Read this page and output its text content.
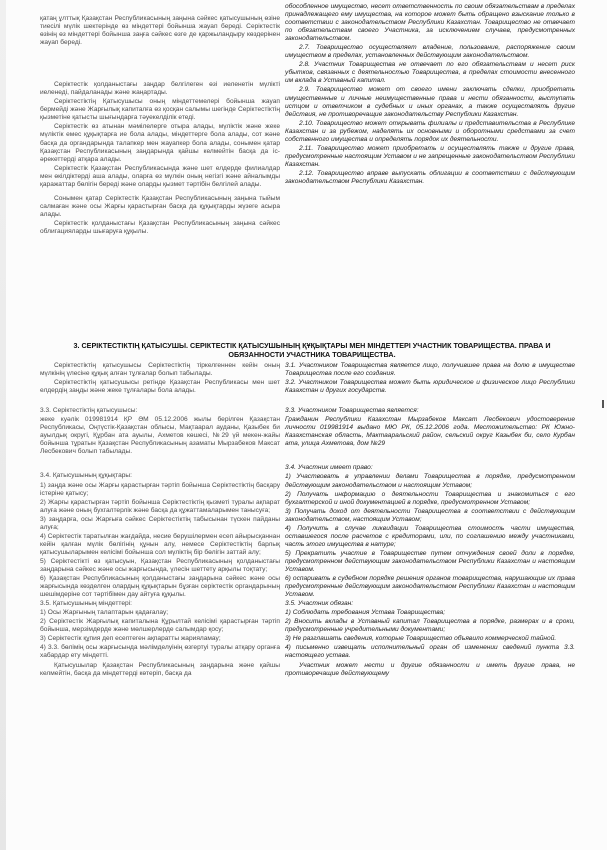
қатаң ұлттық Қазақстан Республикасының заңына сәйкес қатысушының өзіне тиесілі мүлік шектерінде өз міндеттері бойынша жауап береді. Серіктестік өзінің өз міндеттері бойынша заңға сәйкес өзге де қаржыландыру көздерінен жауап береді.

Серіктестік қолданыстағы заңдар белгілеген өзі иеленетін мүлікті иеленеді, пайдаланады және жаңартады.

Серіктестіктің Қатысушысы оның міндеттемелері бойынша жауап бермейді және Жарғылық капиталға өз қосқан салымы шегінде Серіктестіктің қызметіне қатысты шығындарға тәуекелділік етеді.

Серіктестік өз атынан мәмілелерге отыра алады, мүліктік және жеке мүліктік емес құқықтарға ие бола алады, міндеттерге бола алады, сот және басқа да органдарында талапкер мен жауапкер бола алады, сонымен қатар Қазақстан Республикасының заңдарында қайшы келмейтін басқа да іс-әрекеттерді атқара алады.

Серіктестік Қазақстан Республикасында және шет елдерде филиалдар мен өкілдіктерді аша алады, оларға өз мүлкін оның негізгі және айналымды қаражаттар бөлігін береді және оларды қызмет тәртібін белгілей алады.

Сонымен қатар Серіктестік Қазақстан Республикасының заңына тыйым салмаған және осы Жарғы қарастырған басқа да құқықтарды жүзеге асыра алады.

Серіктестік қолданыстағы Қазақстан Республикасының заңына сәйкес облигацияларды шығаруға құқылы.

обособленное имущество, несет ответственность по своим обязательствам в пределах принадлежащего ему имущества, на которое может быть обращено взыскание только в соответствии с законодательством Республики Казахстан. Товарищество не отвечает по обязательствам своего Участника, за исключением случаев, предусмотренных законодательством.

2.7. Товарищество осуществляет владение, пользование, распоряжение своим имуществом в пределах, установленных действующим законодательством.

2.8. Участник Товарищества не отвечает по его обязательствам и несет риск убытков, связанных с деятельностью Товарищества, в пределах стоимости внесенного им вклада в Уставный капитал.

2.9. Товарищество может от своего имени заключать сделки, приобретать имущественные и личные неимущественные права и нести обязанности, выступать истцом и ответчиком в судебных и иных органах, а также осуществлять другие действия, не противоречащие законодательству Республики Казахстан.

2.10. Товарищество может открывать филиалы и представительства в Республике Казахстан и за рубежом, наделять их основными и оборотными средствами за счет собственного имущества и определять порядок их деятельности.

2.11. Товарищество может приобретать и осуществлять также и другие права, предусмотренные настоящим Уставом и не запрещенные законодательством Республики Казахстан.

2.12. Товарищество вправе выпускать облигации в соответствии с действующим законодательством Республики Казахстан.

3. СЕРІКТЕСТІКТІҢ ҚАТЫСУШЫ. СЕРІКТЕСТІК ҚАТЫСУШЫНЫҢ ҚҰҚЫҚТАРЫ МЕН МІНДЕТТЕРІ УЧАСТНИК ТОВАРИЩЕСТВА. ПРАВА И ОБЯЗАННОСТИ УЧАСТНИКА ТОВАРИЩЕСТВА.

Серіктестіктің қатысушысы Серіктестіктің тіркелгеннен кейін оның мүлкінің үлесіне құқық алған тұлғалар болып табылады.

Серіктестіктің қатысушысы ретінде Қазақстан Республикасы мен шет елдердің заңды және жеке тұлғалары бола алады.

3.3. Серіктестіктің қатысушысы:

жеке куәлік 019981914 ҚР ӘМ 05.12.2006 жылы берілген Қазақстан Республикасы, Оңтүстік-Қазақстан облысы, Мақтаарал ауданы, Қазыбек би ауылдық округі, Құрбан ата ауылы, Ахметов көшесі, №29 үй мекен-жайы бойынша тұратын Қазақстан Республикасының азаматы Мырзабеков Максат Лесбекович болып табылады.

3.4. Қатысушының құқықтары:

1) заңда және осы Жарғы қарастырған тәртіп бойынша Серіктестіктің басқару істеріне қатысу;

2) Жарғы қарастырған тәртіп бойынша Серіктестіктің қызметі туралы ақпарат алуға және оның бухгалтерлік және басқа да құжаттамаларымен танысуға;

3) заңдарға, осы Жарғыға сәйкес Серіктестіктің табысынан түскен пайданы алуға;

4) Серіктестік таратылған жағдайда, несие берушілермен есеп айырысқаннан кейін қалған мүлік бөлігінің құнын алу, немесе Серіктестіктің барлық қатысушыларымен келісімі бойынша сол мүліктің бір бөлігін заттай алу;

5) Серіктестікті өз қатысуын, Қазақстан Республикасының қолданыстағы заңдарына сәйкес және осы жарғысында, үлесін шеттету арқылы тоқтату;

6) Қазақстан Республикасының қолданыстағы заңдарына сәйкес және осы жарғысында көзделген олардың құқықтарын бұзған серіктестік органдарының шешімдеріне сот тәртібімен дау айтуға құқылы.

3.5. Қатысушының міндеттері:

1) Осы Жарғының талаптарын қадағалау;

2) Серіктестік Жарғылық капиталына Құрылтай келісімі қарастырған тәртіп бойынша, мерзімдерде және мөлшерлерде салымдар қосу;

3) Серіктестік құпия деп есептеген ақпаратты жарияламау;

4) 3.3. бөлімің осы жарғысында мәлімделуінің өзгертуі туралы атқару органға хабардар ету міндетті.

Қатысушылар Қазақстан Республикасының заңдарына және қайшы келмейтін, басқа да міндеттерді көтеріп, басқа да

3.1. Участником Товарищества является лицо, получившее права на долю в имуществе Товарищества после его создания.

3.2. Участником Товарищества может быть юридическое и физическое лицо Республики Казахстан и других государств.

3.3. Участником Товарищества является:

Гражданин Республики Казахстан Мырзабеков Максат Лесбекович удостоверение личности 019981914 выдано МЮ РК, 05.12.2006 года. Местожительство: РК Южно-Казахстанская область, Мактааральский район, сельский округ Казыбек би, село Курбан ата, улица Ахметова, дом №29

3.4. Участник имеет право:

1) Участвовать в управлении делами Товарищества в порядке, предусмотренном действующим законодательством и настоящим Уставом;

2) Получать информацию о деятельности Товарищества и знакомиться с его бухгалтерской и иной документацией в порядке, предусмотренном Уставом;

3) Получать доход от деятельности Товарищества в соответствии с действующим законодательством, настоящим Уставом;

4) Получить в случае ликвидации Товарищества стоимость части имущества, оставшегося после расчетов с кредиторами, или, по соглашению между участниками, часть этого имущества в натуре;

5) Прекратить участие в Товариществе путем отчуждения своей доли в порядке, предусмотренном действующим законодательством Республики Казахстан и настоящим Уставом.

6) оспаривать в судебном порядке решения органов товарищества, нарушающие их права предусмотренные действующим законодательством Республики Казахстан и настоящим Уставом.

3.5. Участник обязан:

1) Соблюдать требования Устава Товарищества;

2) Вносить вклады в Уставный капитал Товарищества в порядке, размерах и в сроки, предусмотренные учредительными документами;

3) Не разглашать сведения, которые Товарищество объявило коммерческой тайной.

4) письменно извещать исполнительный орган об изменении сведений пункта 3.3. настоящего устава.

Участник может нести и другие обязанности и иметь другие права, не противоречащие действующему
